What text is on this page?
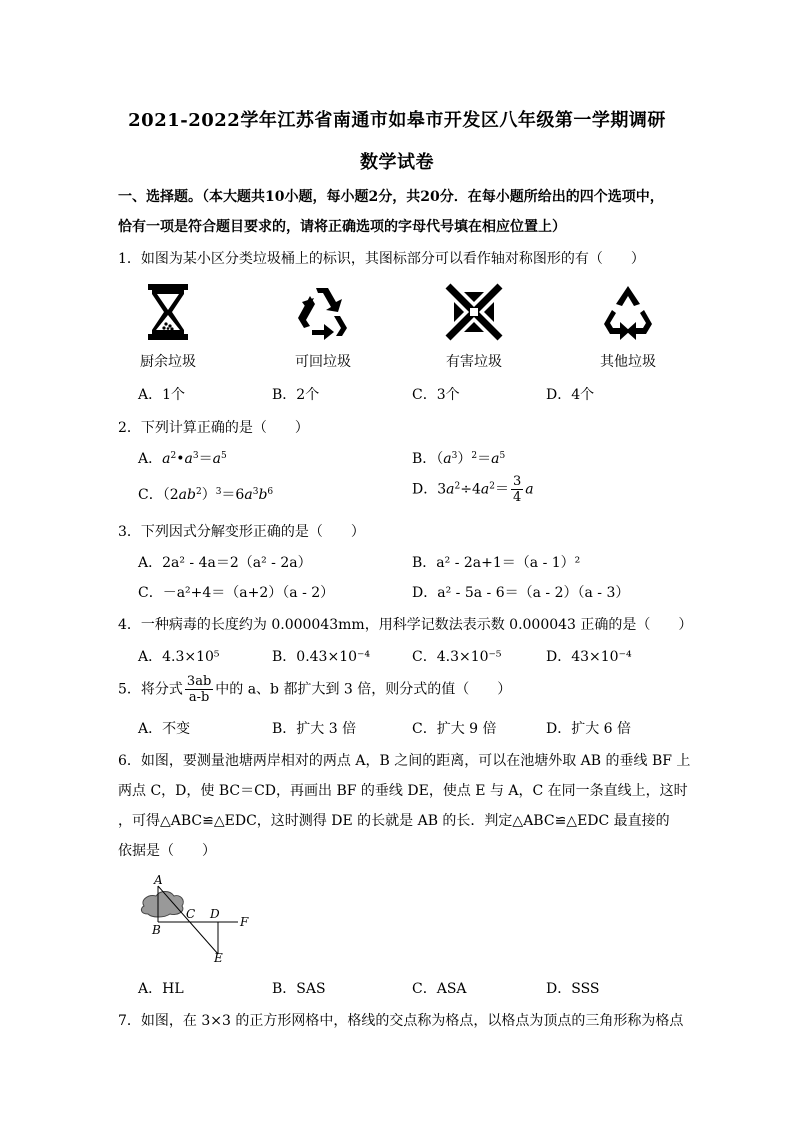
2021-2022学年江苏省南通市如皋市开发区八年级第一学期调研
数学试卷
一、选择题。（本大题共10小题，每小题2分，共20分．在每小题所给出的四个选项中，
恰有一项是符合题目要求的，请将正确选项的字母代号填在相应位置上）
1．如图为某小区分类垃圾桶上的标识，其图标部分可以看作轴对称图形的有（　　）
厨余垃圾	可回垃圾	有害垃圾	其他垃圾
A．1个	B．2个	C．3个	D．4个
2．下列计算正确的是（　　）
A．$a^2•a^3=a^5$	B．$(a^3)^2=a^5$
C．$(2ab^2)^3=6a^3b^6$	D．$3a^2\div 4a^2= \frac{3}{4}$ a
3．下列因式分解变形正确的是（　　）
A．2a² - 4a＝2（a² - 2a）	B．a² - 2a+1＝（a - 1）²
C．－a²+4＝（a+2）（a - 2）	D．a² - 5a - 6＝（a - 2）（a - 3）
4．一种病毒的长度约为 0.000043mm，用科学记数法表示数 0.000043 正确的是（　　）
A．4.3×10⁵	B．0.43×10⁻⁴	C．4.3×10⁻⁵	D．43×10⁻⁴
5．将分式 $\frac{3ab}{a-b}$ 中的 a、b 都扩大到 3 倍，则分式的值（　　）
A．不变	B．扩大 3 倍	C．扩大 9 倍	D．扩大 6 倍
6．如图，要测量池塘两岸相对的两点 A，B 之间的距离，可以在池塘外取 AB 的垂线 BF 上
两点 C，D，使 BC＝CD，再画出 BF 的垂线 DE，使点 E 与 A，C 在同一条直线上，这时
，可得△ABC≌△EDC，这时测得 DE 的长就是 AB 的长．判定△ABC≌△EDC 最直接的
依据是（　　）
A
B
C D
E
F
A．HL	B．SAS	C．ASA	D．SSS
7．如图，在 3×3 的正方形网格中，格线的交点称为格点，以格点为顶点的三角形称为格点
